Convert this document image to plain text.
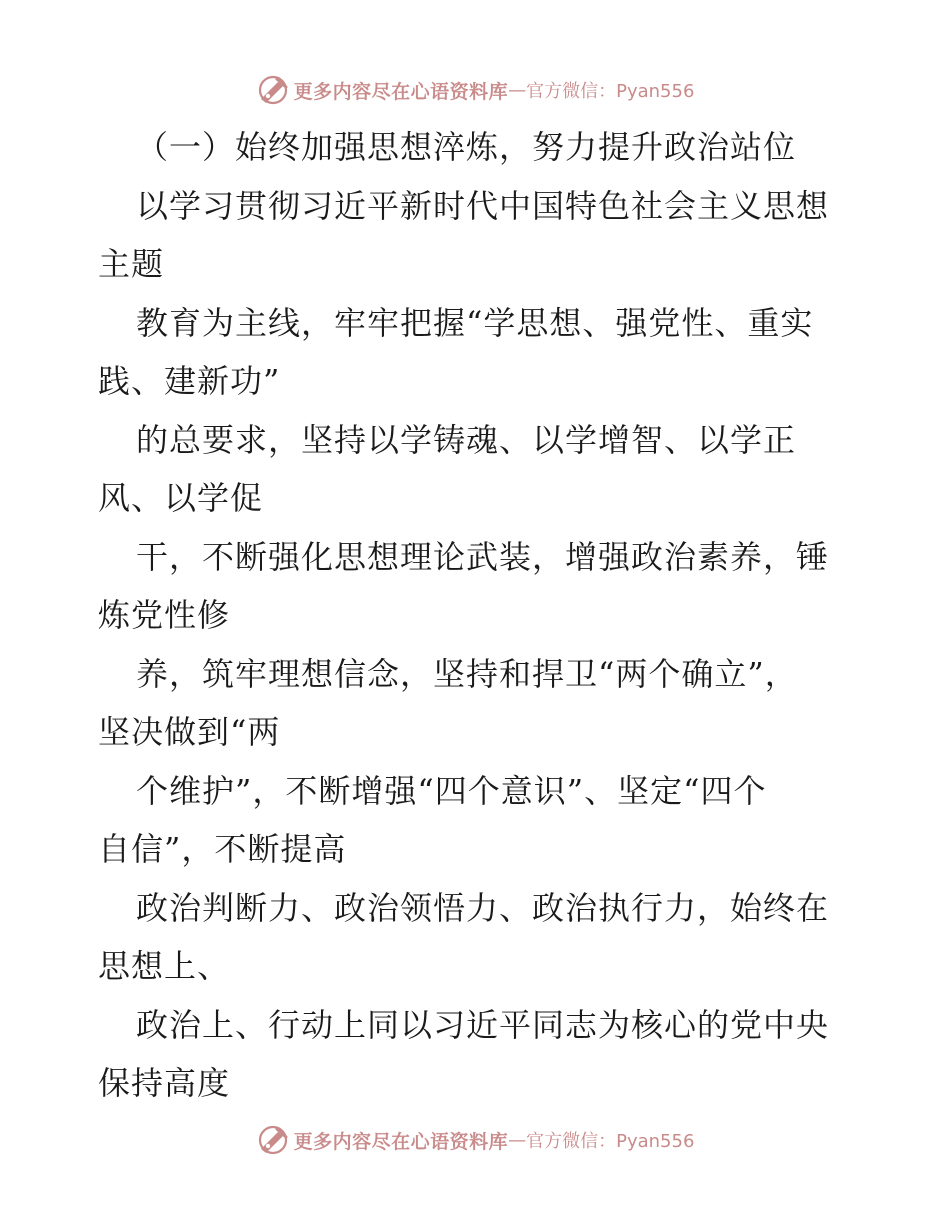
更多内容尽在心语资料库 — 官方微信：Pyan556

（一）始终加强思想淬炼，努力提升政治站位

以学习贯彻习近平新时代中国特色社会主义思想

主题

教育为主线，牢牢把握“学思想、强党性、重实

践、建新功”

的总要求，坚持以学铸魂、以学增智、以学正

风、以学促

干，不断强化思想理论武装，增强政治素养，锤

炼党性修

养，筑牢理想信念，坚持和捍卫“两个确立”，

坚决做到“两

个维护”，不断增强“四个意识”、坚定“四个

自信”，不断提高

政治判断力、政治领悟力、政治执行力，始终在

思想上、

政治上、行动上同以习近平同志为核心的党中央

保持高度

更多内容尽在心语资料库 — 官方微信：Pyan556
